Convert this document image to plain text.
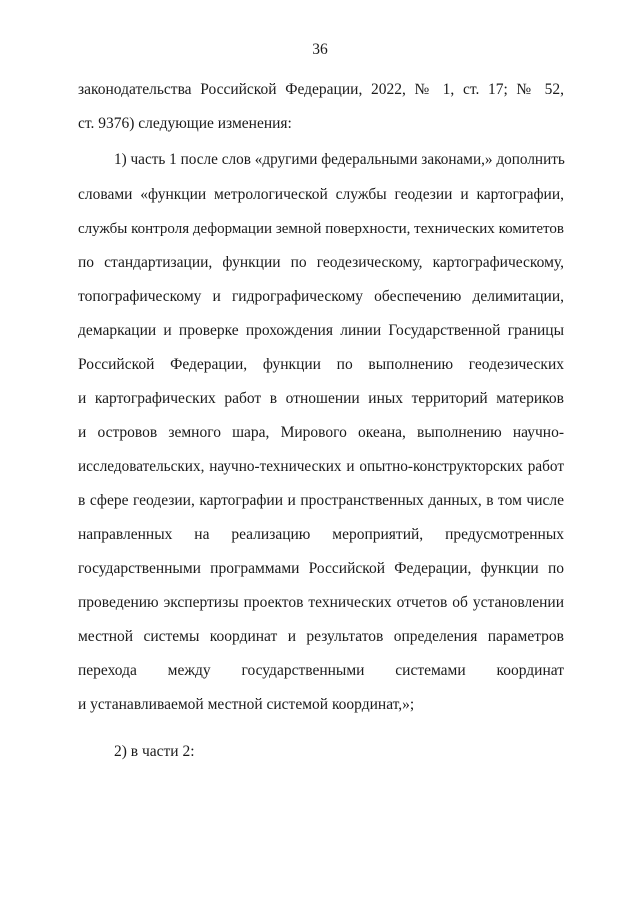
36
законодательства Российской Федерации, 2022, № 1, ст. 17; № 52,
ст. 9376) следующие изменения:
1) часть 1 после слов «другими федеральными законами,» дополнить
словами «функции метрологической службы геодезии и картографии,
службы контроля деформации земной поверхности, технических комитетов
по стандартизации, функции по геодезическому, картографическому,
топографическому и гидрографическому обеспечению делимитации,
демаркации и проверке прохождения линии Государственной границы
Российской Федерации, функции по выполнению геодезических
и картографических работ в отношении иных территорий материков
и островов земного шара, Мирового океана, выполнению научно-
исследовательских, научно-технических и опытно-конструкторских работ
в сфере геодезии, картографии и пространственных данных, в том числе
направленных на реализацию мероприятий, предусмотренных
государственными программами Российской Федерации, функции по
проведению экспертизы проектов технических отчетов об установлении
местной системы координат и результатов определения параметров
перехода между государственными системами координат
и устанавливаемой местной системой координат,»;
2) в части 2:
